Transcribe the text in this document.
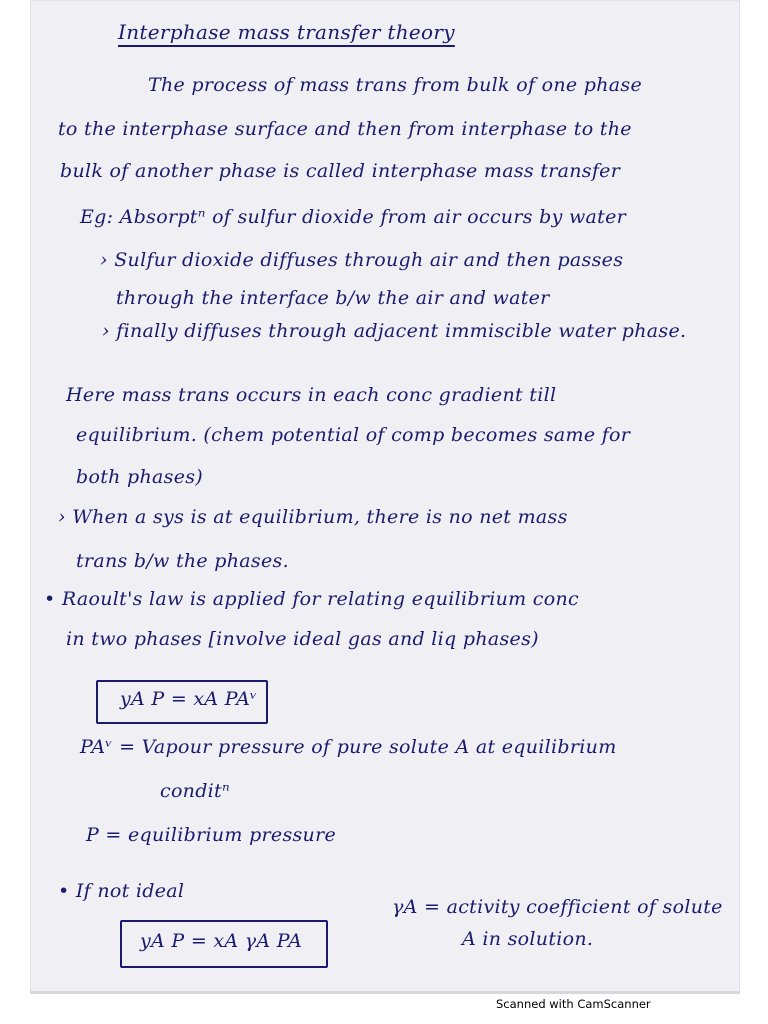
Interphase mass transfer theory
The process of mass trans from bulk of one phase
to the interphase surface and then from interphase to the
bulk of another phase is called interphase mass transfer
Eg: Absorptⁿ of sulfur dioxide from air occurs by water
› Sulfur dioxide diffuses through air and then passes
through the interface b/w the air and water
› finally diffuses through adjacent immiscible water phase.
Here mass trans occurs in each conc gradient till
equilibrium. (chem potential of comp becomes same for
both phases)
› When a sys is at equilibrium, there is no net mass
trans b/w the phases.
• Raoult's law is applied for relating equilibrium conc
in two phases [involve ideal gas and liq phases)
yA P = xA PAᵛ
PAᵛ = Vapour pressure of pure solute A at equilibrium
conditⁿ
P = equilibrium pressure
• If not ideal
yA P = xA γA PA
γA = activity coefficient of solute
A in solution.
Scanned with CamScanner
